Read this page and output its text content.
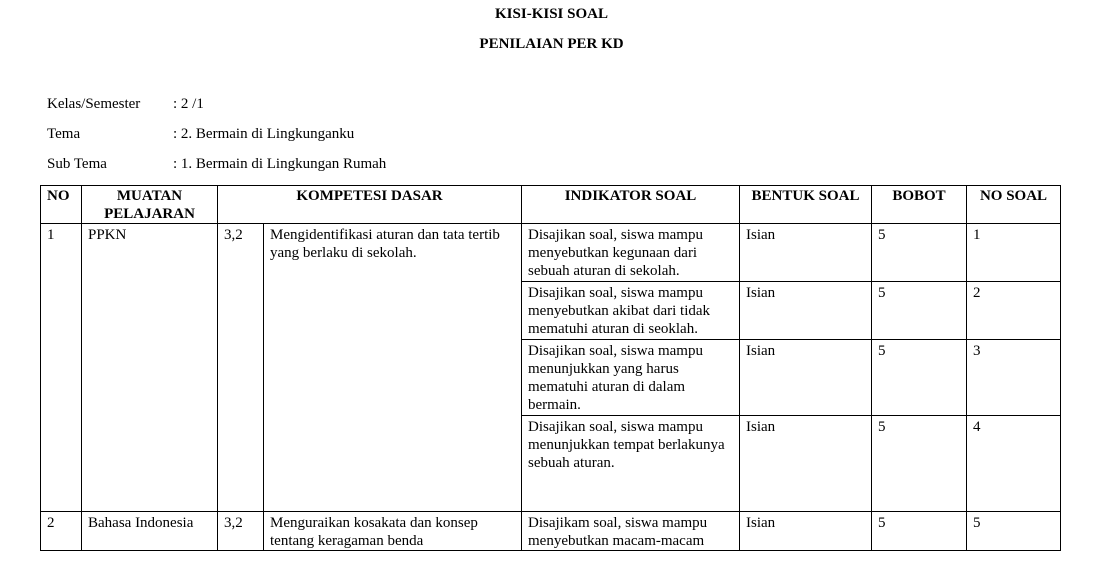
KISI-KISI SOAL
PENILAIAN PER KD
Kelas/Semester : 2 /1
Tema	: 2. Bermain di Lingkunganku
Sub Tema	: 1. Bermain di Lingkungan Rumah
NO	MUATAN PELAJARAN	KOMPETESI DASAR		INDIKATOR SOAL	BENTUK SOAL	BOBOT	NO SOAL
1	PPKN	3,2	Mengidentifikasi aturan dan tata tertib yang berlaku di sekolah.	Disajikan soal, siswa mampu menyebutkan kegunaan dari sebuah aturan di sekolah.	Isian	5	1
				Disajikan soal, siswa mampu menyebutkan akibat dari tidak mematuhi aturan di seoklah.	Isian	5	2
				Disajikan soal, siswa mampu menunjukkan yang harus mematuhi aturan di dalam bermain.	Isian	5	3
				Disajikan soal, siswa mampu menunjukkan tempat berlakunya sebuah aturan.	Isian	5	4
2	Bahasa Indonesia	3,2	Menguraikan kosakata dan konsep tentang keragaman benda	Disajikam soal, siswa mampu menyebutkan macam-macam	Isian	5	5
